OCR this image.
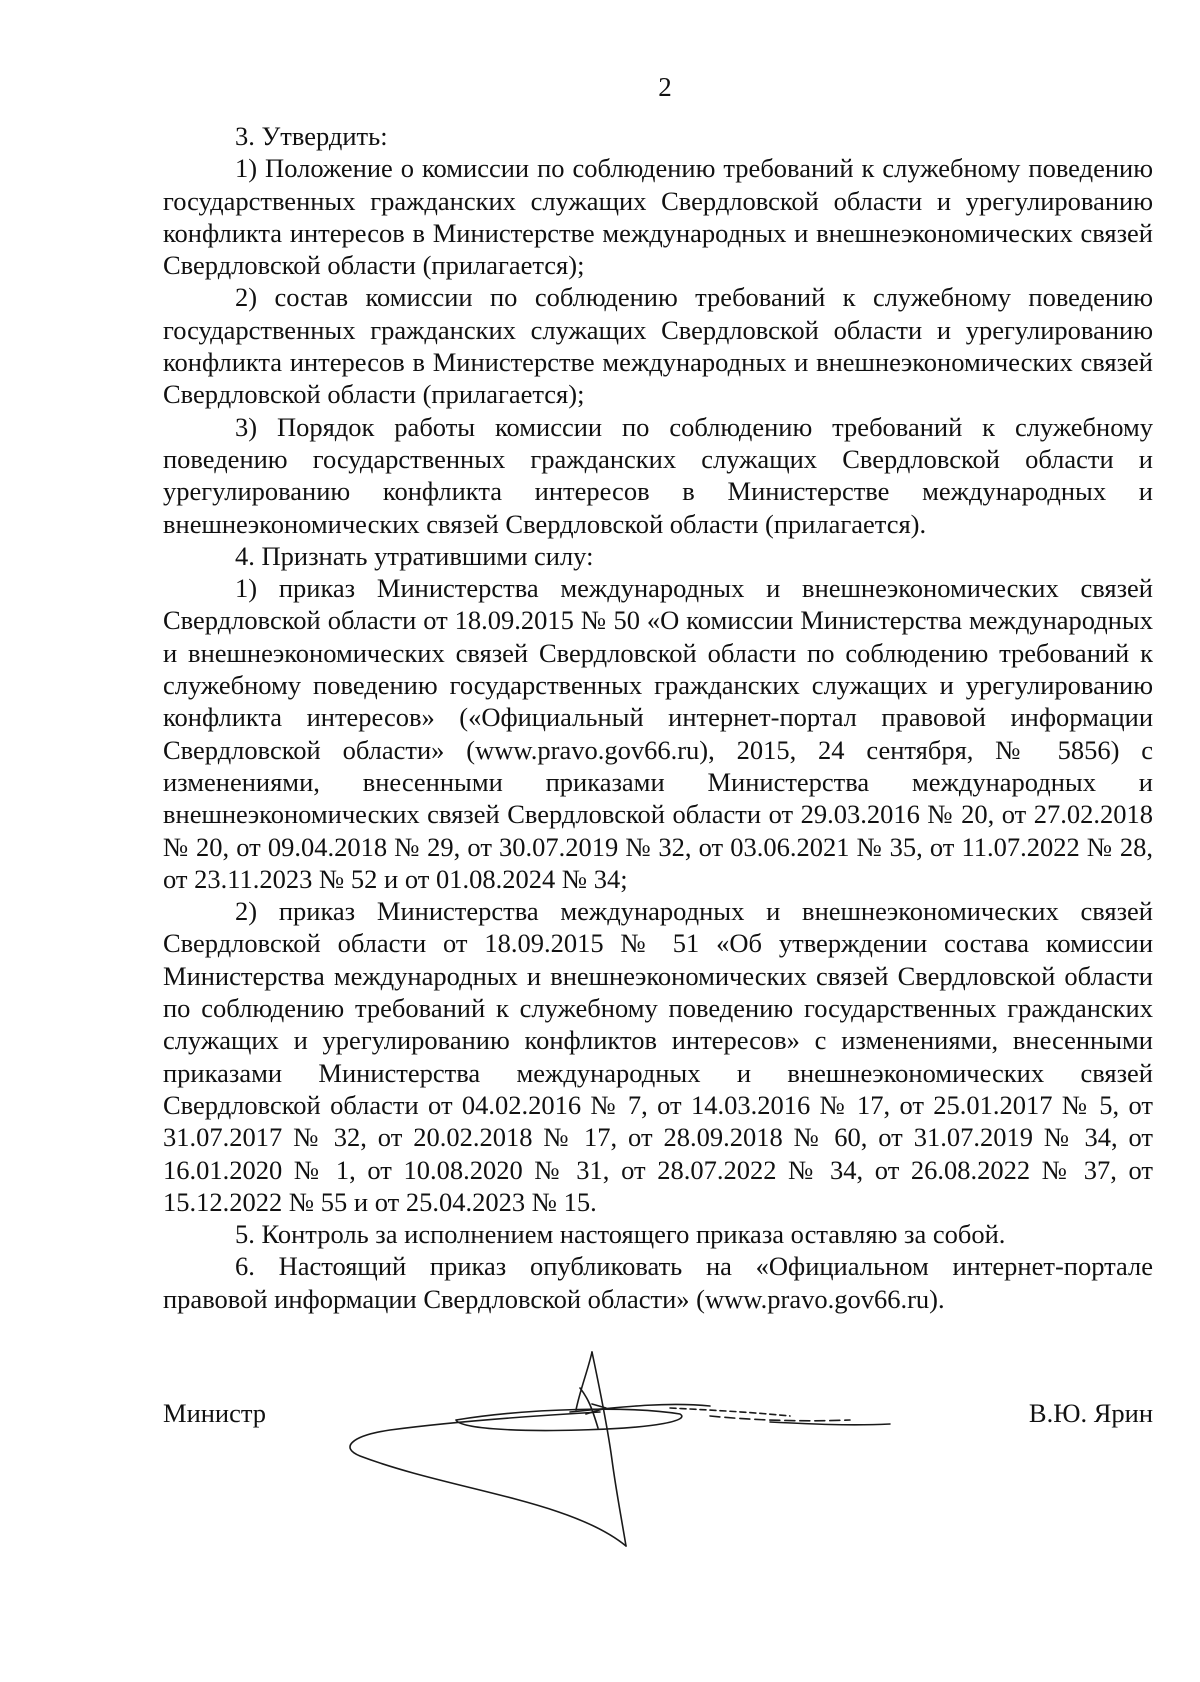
2

3. Утвердить:

1) Положение о комиссии по соблюдению требований к служебному поведению государственных гражданских служащих Свердловской области и урегулированию конфликта интересов в Министерстве международных и внешнеэкономических связей Свердловской области (прилагается);

2) состав комиссии по соблюдению требований к служебному поведению государственных гражданских служащих Свердловской области и урегулированию конфликта интересов в Министерстве международных и внешнеэкономических связей Свердловской области (прилагается);

3) Порядок работы комиссии по соблюдению требований к служебному поведению государственных гражданских служащих Свердловской области и урегулированию конфликта интересов в Министерстве международных и внешнеэкономических связей Свердловской области (прилагается).

4. Признать утратившими силу:

1) приказ Министерства международных и внешнеэкономических связей Свердловской области от 18.09.2015 № 50 «О комиссии Министерства международных и внешнеэкономических связей Свердловской области по соблюдению требований к служебному поведению государственных гражданских служащих и урегулированию конфликта интересов» («Официальный интернет-портал правовой информации Свердловской области» (www.pravo.gov66.ru), 2015, 24 сентября, № 5856) с изменениями, внесенными приказами Министерства международных и внешнеэкономических связей Свердловской области от 29.03.2016 № 20, от 27.02.2018 № 20, от 09.04.2018 № 29, от 30.07.2019 № 32, от 03.06.2021 № 35, от 11.07.2022 № 28, от 23.11.2023 № 52 и от 01.08.2024 № 34;

2) приказ Министерства международных и внешнеэкономических связей Свердловской области от 18.09.2015 № 51 «Об утверждении состава комиссии Министерства международных и внешнеэкономических связей Свердловской области по соблюдению требований к служебному поведению государственных гражданских служащих и урегулированию конфликтов интересов» с изменениями, внесенными приказами Министерства международных и внешнеэкономических связей Свердловской области от 04.02.2016 № 7, от 14.03.2016 № 17, от 25.01.2017 № 5, от 31.07.2017 № 32, от 20.02.2018 № 17, от 28.09.2018 № 60, от 31.07.2019 № 34, от 16.01.2020 № 1, от 10.08.2020 № 31, от 28.07.2022 № 34, от 26.08.2022 № 37, от 15.12.2022 № 55 и от 25.04.2023 № 15.

5. Контроль за исполнением настоящего приказа оставляю за собой.

6. Настоящий приказ опубликовать на «Официальном интернет-портале правовой информации Свердловской области» (www.pravo.gov66.ru).

Министр	В.Ю. Ярин
